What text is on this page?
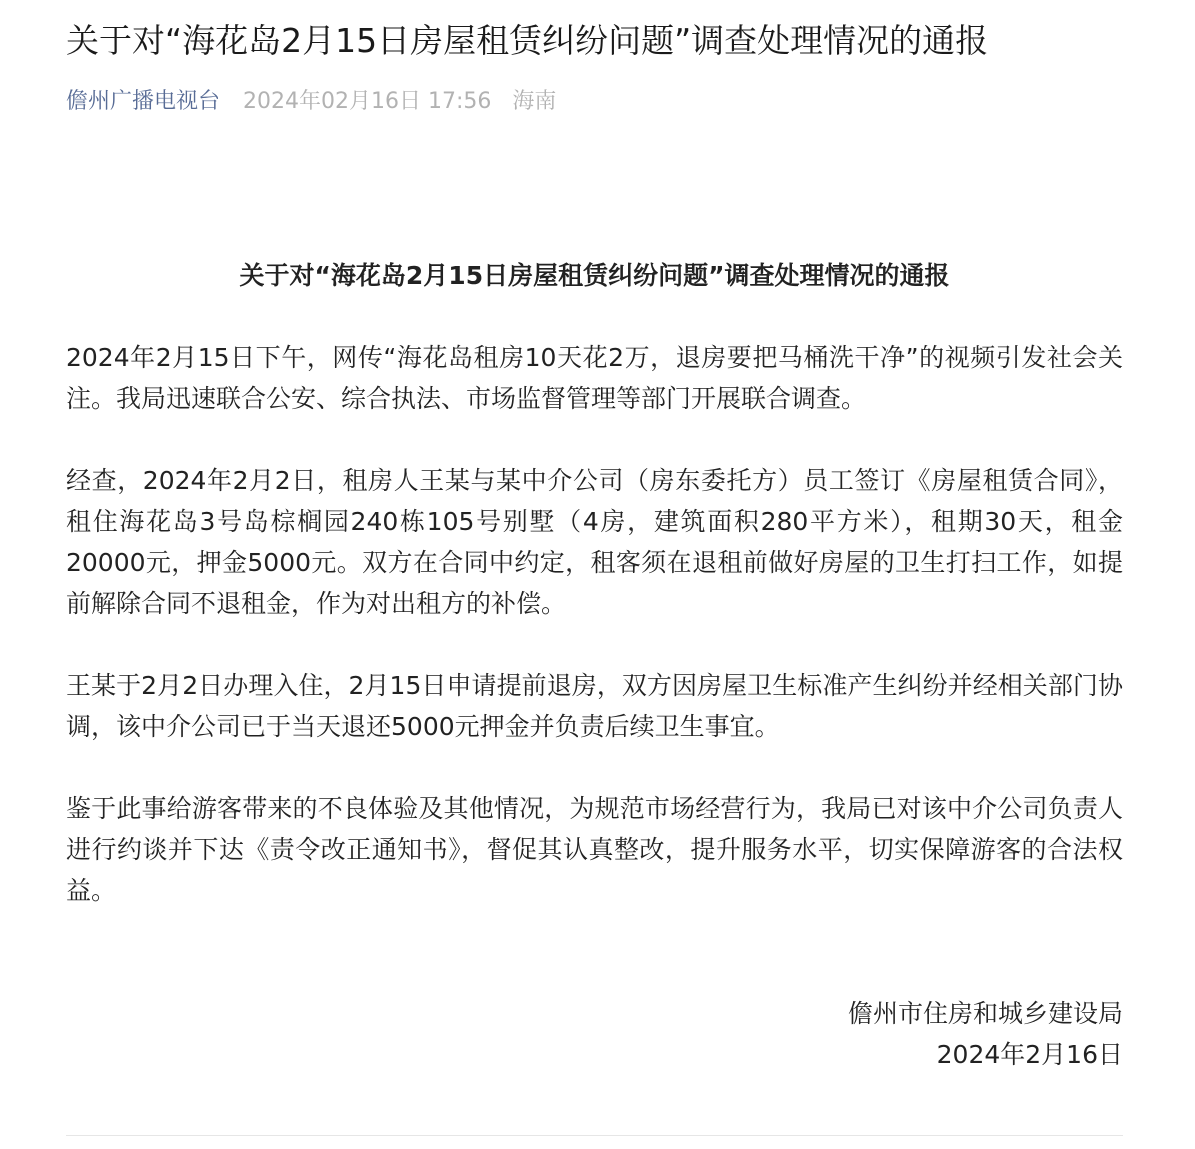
关于对“海花岛2月15日房屋租赁纠纷问题”调查处理情况的通报
儋州广播电视台 2024年02月16日 17:56 海南

关于对“海花岛2月15日房屋租赁纠纷问题”调查处理情况的通报

2024年2月15日下午，网传“海花岛租房10天花2万，退房要把马桶洗干净”的视频引发社会关注。我局迅速联合公安、综合执法、市场监督管理等部门开展联合调查。

经查，2024年2月2日，租房人王某与某中介公司（房东委托方）员工签订《房屋租赁合同》，租住海花岛3号岛棕榈园240栋105号别墅（4房，建筑面积280平方米），租期30天，租金20000元，押金5000元。双方在合同中约定，租客须在退租前做好房屋的卫生打扫工作，如提前解除合同不退租金，作为对出租方的补偿。

王某于2月2日办理入住，2月15日申请提前退房，双方因房屋卫生标准产生纠纷并经相关部门协调，该中介公司已于当天退还5000元押金并负责后续卫生事宜。

鉴于此事给游客带来的不良体验及其他情况，为规范市场经营行为，我局已对该中介公司负责人进行约谈并下达《责令改正通知书》，督促其认真整改，提升服务水平，切实保障游客的合法权益。

儋州市住房和城乡建设局

2024年2月16日
